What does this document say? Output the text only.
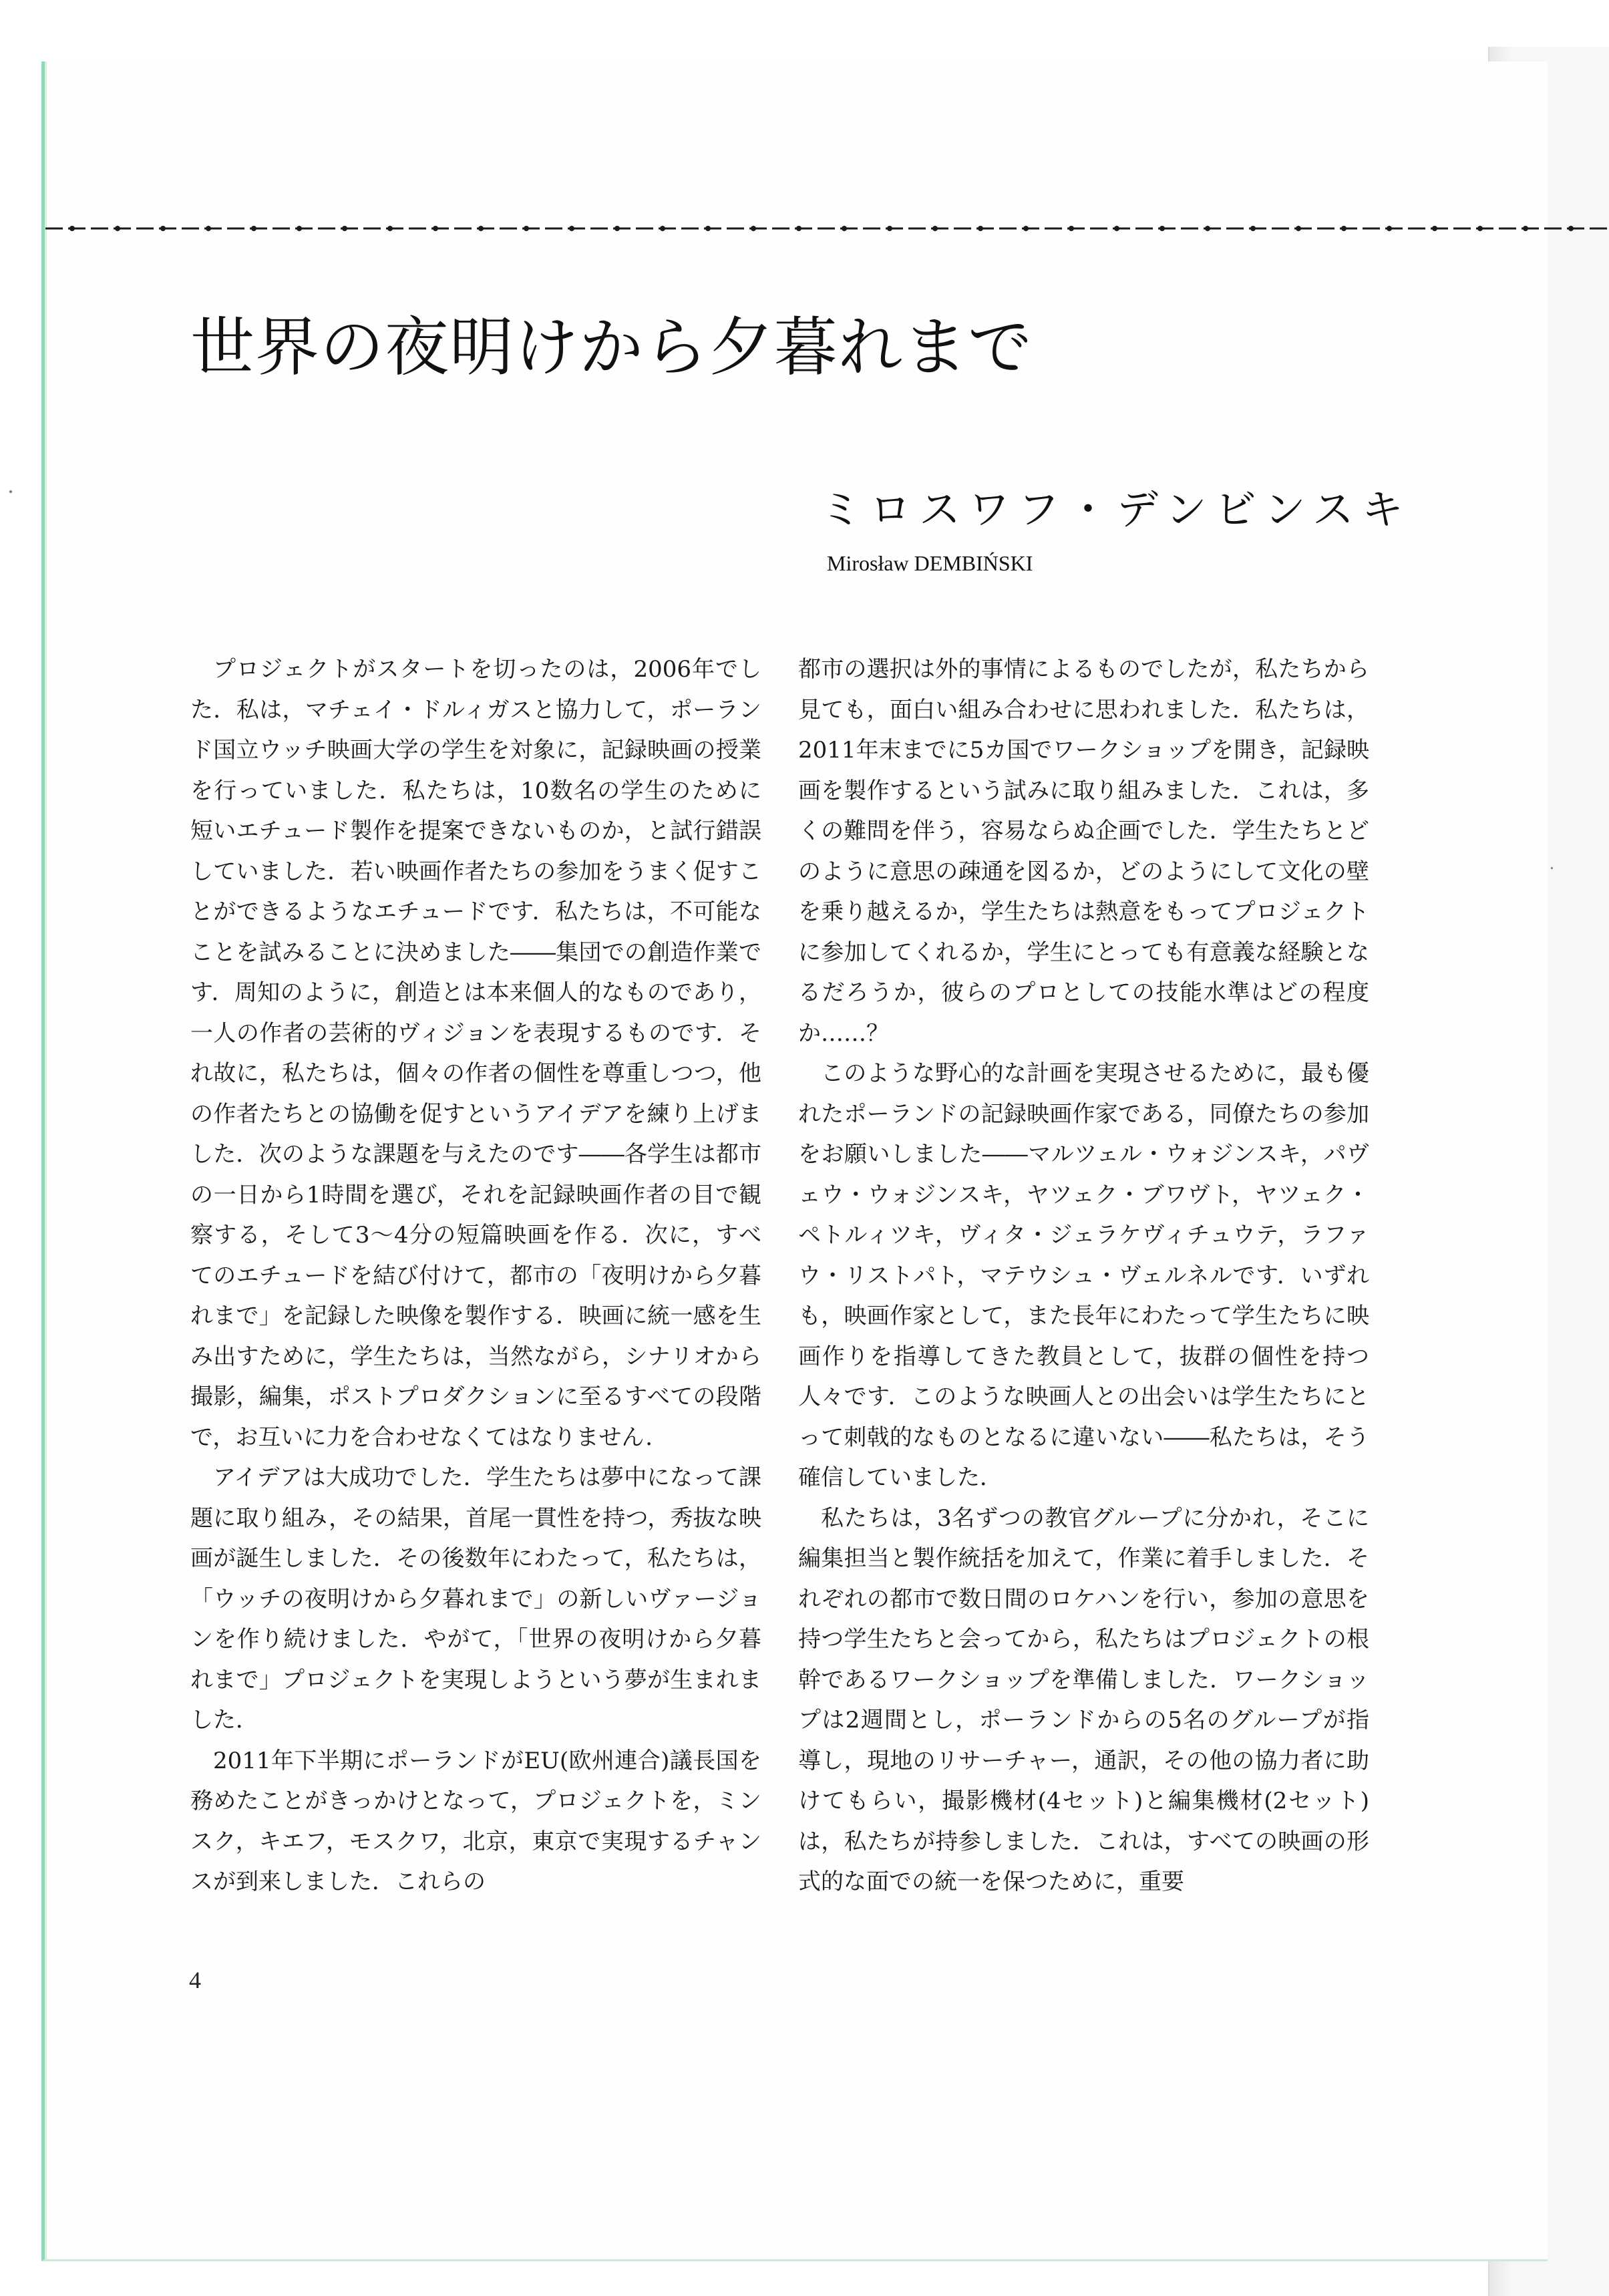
世界の夜明けから夕暮れまで
ミロスワフ・デンビンスキ
Mirosław DEMBIŃSKI

プロジェクトがスタートを切ったのは，2006年でした．私は，マチェイ・ドルィガスと協力して，ポーランド国立ウッチ映画大学の学生を対象に，記録映画の授業を行っていました．私たちは，10数名の学生のために短いエチュード製作を提案できないものか，と試行錯誤していました．若い映画作者たちの参加をうまく促すことができるようなエチュードです．私たちは，不可能なことを試みることに決めました――集団での創造作業です．周知のように，創造とは本来個人的なものであり，一人の作者の芸術的ヴィジョンを表現するものです．それ故に，私たちは，個々の作者の個性を尊重しつつ，他の作者たちとの協働を促すというアイデアを練り上げました．次のような課題を与えたのです――各学生は都市の一日から1時間を選び，それを記録映画作者の目で観察する，そして3～4分の短篇映画を作る．次に，すべてのエチュードを結び付けて，都市の「夜明けから夕暮れまで」を記録した映像を製作する．映画に統一感を生み出すために，学生たちは，当然ながら，シナリオから撮影，編集，ポストプロダクションに至るすべての段階で，お互いに力を合わせなくてはなりません．

アイデアは大成功でした．学生たちは夢中になって課題に取り組み，その結果，首尾一貫性を持つ，秀抜な映画が誕生しました．その後数年にわたって，私たちは，「ウッチの夜明けから夕暮れまで」の新しいヴァージョンを作り続けました．やがて，「世界の夜明けから夕暮れまで」プロジェクトを実現しようという夢が生まれました．

2011年下半期にポーランドがEU(欧州連合)議長国を務めたことがきっかけとなって，プロジェクトを，ミンスク，キエフ，モスクワ，北京，東京で実現するチャンスが到来しました．これらの

都市の選択は外的事情によるものでしたが，私たちから見ても，面白い組み合わせに思われました．私たちは，2011年末までに5カ国でワークショップを開き，記録映画を製作するという試みに取り組みました．これは，多くの難問を伴う，容易ならぬ企画でした．学生たちとどのように意思の疎通を図るか，どのようにして文化の壁を乗り越えるか，学生たちは熱意をもってプロジェクトに参加してくれるか，学生にとっても有意義な経験となるだろうか，彼らのプロとしての技能水準はどの程度か……？

このような野心的な計画を実現させるために，最も優れたポーランドの記録映画作家である，同僚たちの参加をお願いしました――マルツェル・ウォジンスキ，パヴェウ・ウォジンスキ，ヤツェク・ブワヴト，ヤツェク・ペトルィツキ，ヴィタ・ジェラケヴィチュウテ，ラファウ・リストパト，マテウシュ・ヴェルネルです．いずれも，映画作家として，また長年にわたって学生たちに映画作りを指導してきた教員として，抜群の個性を持つ人々です．このような映画人との出会いは学生たちにとって刺戟的なものとなるに違いない――私たちは，そう確信していました．

私たちは，3名ずつの教官グループに分かれ，そこに編集担当と製作統括を加えて，作業に着手しました．それぞれの都市で数日間のロケハンを行い，参加の意思を持つ学生たちと会ってから，私たちはプロジェクトの根幹であるワークショップを準備しました．ワークショップは2週間とし，ポーランドからの5名のグループが指導し，現地のリサーチャー，通訳，その他の協力者に助けてもらい，撮影機材(4セット)と編集機材(2セット)は，私たちが持参しました．これは，すべての映画の形式的な面での統一を保つために，重要

4
